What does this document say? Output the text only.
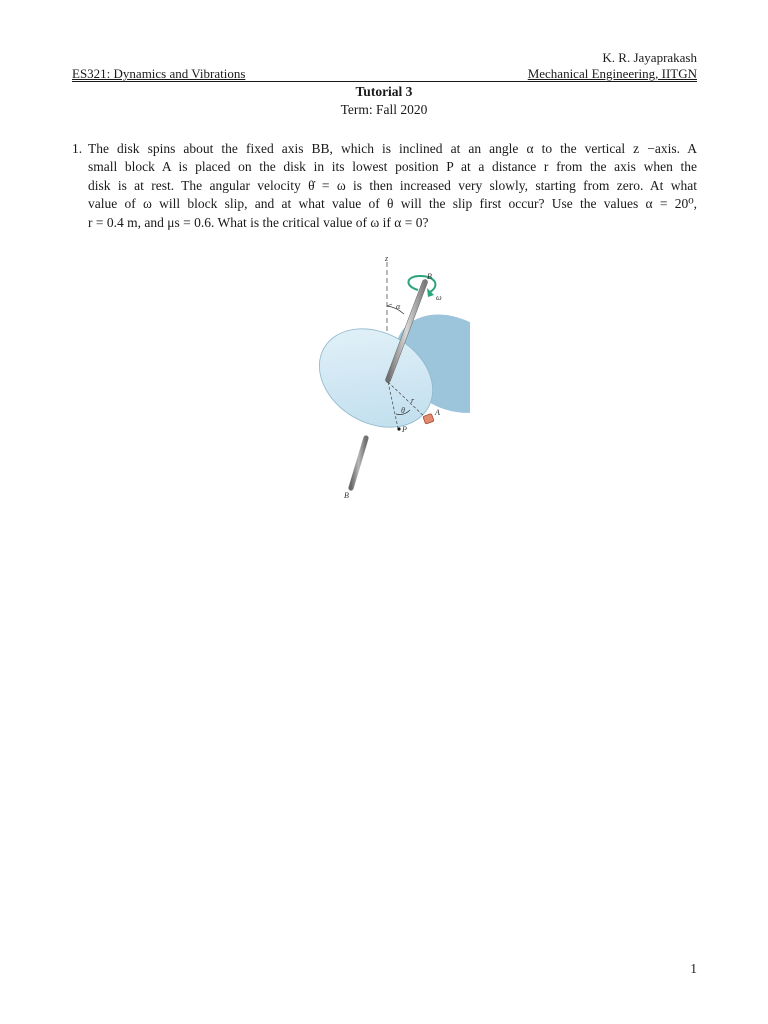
K. R. Jayaprakash
ES321: Dynamics and Vibrations	Mechanical Engineering, IITGN
Tutorial 3
Term: Fall 2020
1. The disk spins about the fixed axis BB, which is inclined at an angle α to the vertical z −axis. A
small block A is placed on the disk in its lowest position P at a distance r from the axis when the
disk is at rest. The angular velocity θ̇ = ω is then increased very slowly, starting from zero. At what
value of ω will block slip, and at what value of θ will the slip first occur? Use the values α = 20⁰,
r = 0.4 m, and μs = 0.6. What is the critical value of ω if α = 0?
z
ω
B
α
r
θ	A
P
B
1
